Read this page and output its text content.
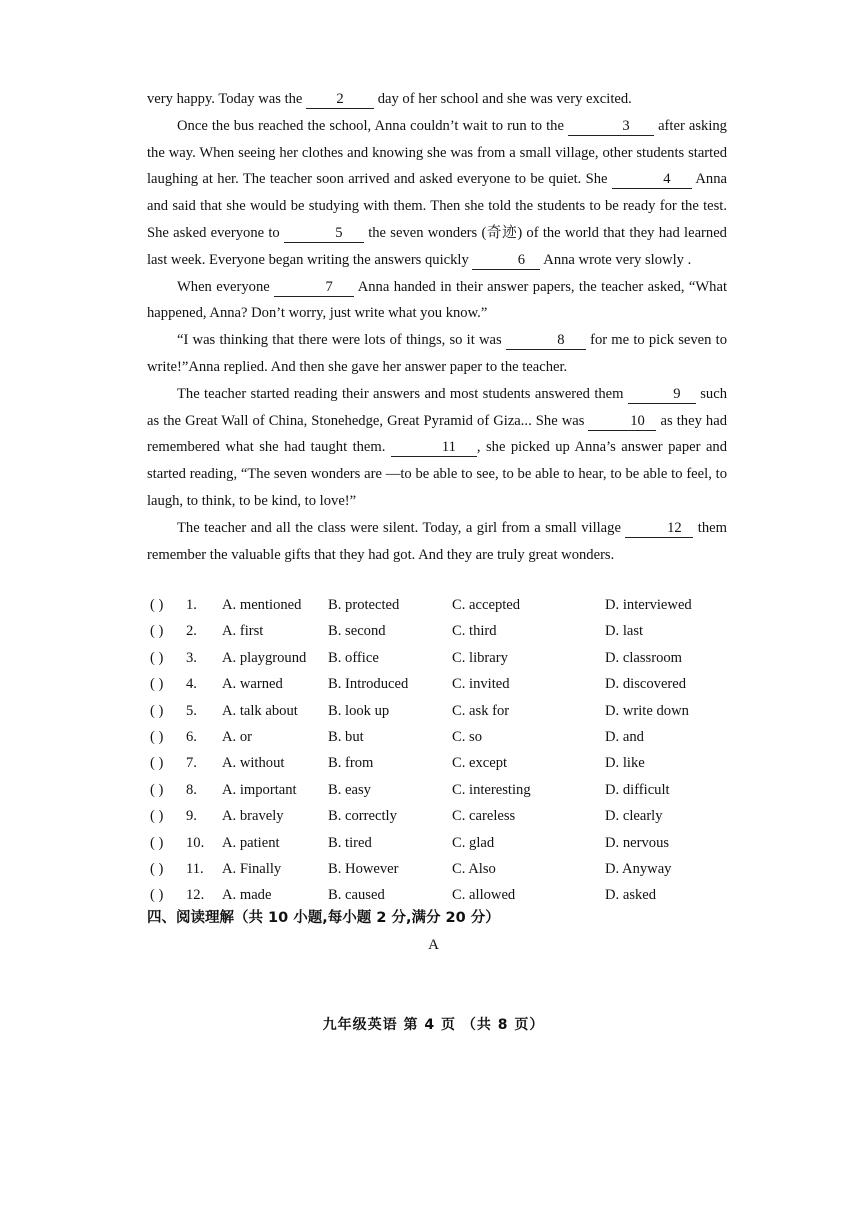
very happy. Today was the 2 day of her school and she was very excited.

Once the bus reached the school, Anna couldn’t wait to run to the	3 after asking the way. When seeing her clothes and knowing she was from a small village, other students started laughing at her. The teacher soon arrived and asked everyone to be quiet. She	4 Anna and said that she would be studying with them. Then she told the students to be ready for the test. She asked everyone to	5 the seven wonders (奇迹) of the world that they had learned last week. Everyone began writing the answers quickly	6 Anna wrote very slowly .

When everyone	7 Anna handed in their answer papers, the teacher asked, “What happened, Anna? Don’t worry, just write what you know.”

“I was thinking that there were lots of things, so it was	8 for me to pick seven to write!”Anna replied. And then she gave her answer paper to the teacher.

The teacher started reading their answers and most students answered them	9 such as the Great Wall of China, Stonehedge, Great Pyramid of Giza... She was	10 as they had remembered what she had taught them.	11 , she picked up Anna’s answer paper and started reading, “The seven wonders are —to be able to see, to be able to hear, to be able to feel, to laugh, to think, to be kind, to love!”

The teacher and all the class were silent. Today, a girl from a small village	12 them remember the valuable gifts that they had got. And they are truly great wonders.

( ) 1. A. mentioned B. protected	C. accepted	D. interviewed
( ) 2. A. first	B. second	C. third	D. last
( ) 3. A. playground B. office	C. library	D. classroom
( ) 4. A. warned	B. Introduced	C. invited	D. discovered
( ) 5. A. talk about B. look up	C. ask for	D. write down
( ) 6. A. or	B. but	C. so	D. and
( ) 7. A. without	B. from	C. except	D. like
( ) 8. A. important B. easy	C. interesting	D. difficult
( ) 9. A. bravely	B. correctly	C. careless	D. clearly
( ) 10. A. patient	B. tired	C. glad	D. nervous
( ) 11. A. Finally	B. However	C. Also	D. Anyway
( ) 12. A. made	B. caused	C. allowed	D. asked
四、阅读理解（共 10 小题,每小题 2 分,满分 20 分）
A
九年级英语 第 4 页 （共 8 页）
